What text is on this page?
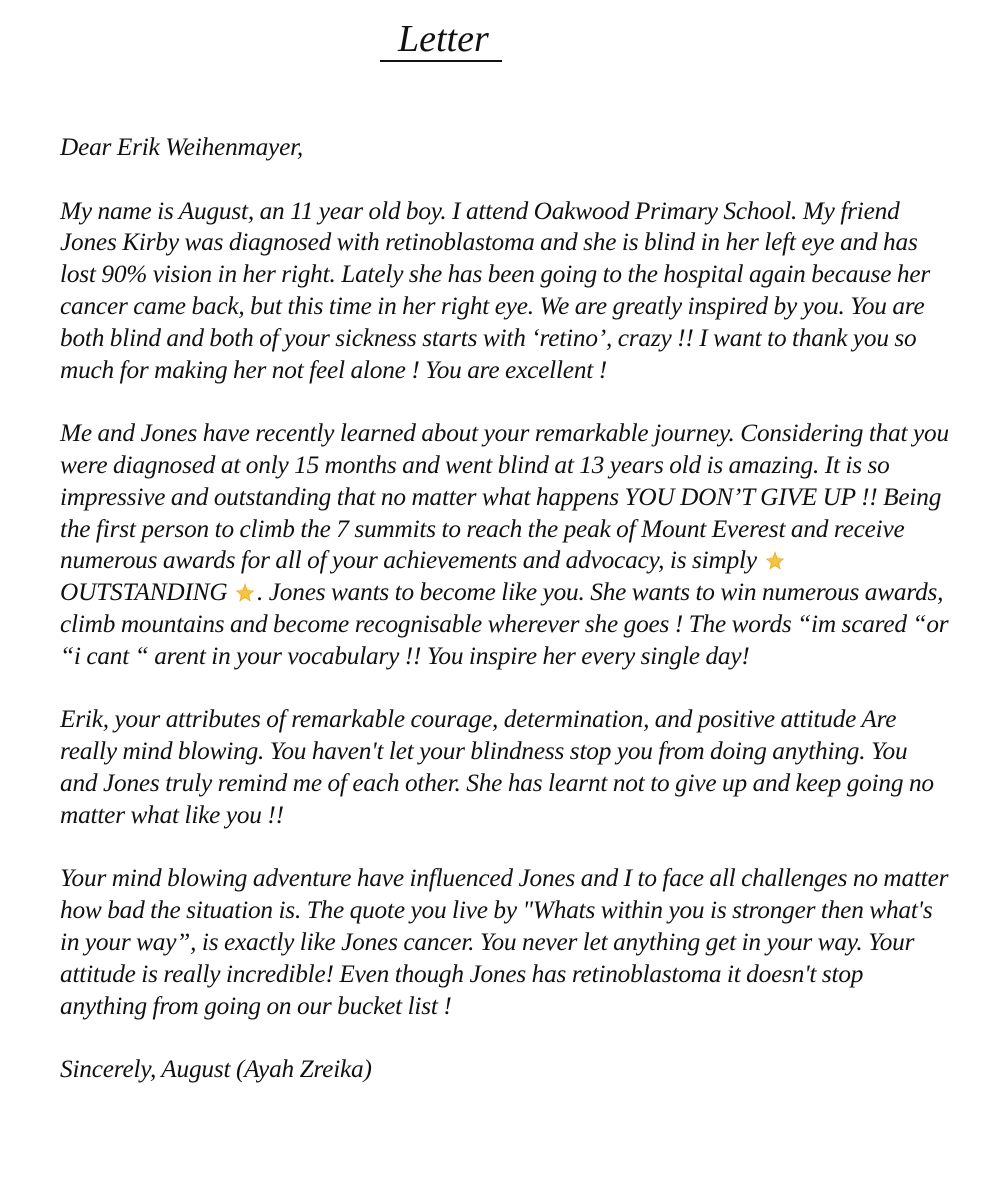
Letter

Dear Erik Weihenmayer,

My name is August, an 11 year old boy. I attend Oakwood Primary School. My friend Jones Kirby was diagnosed with retinoblastoma and she is blind in her left eye and has lost 90% vision in her right. Lately she has been going to the hospital again because her cancer came back, but this time in her right eye. We are greatly inspired by you. You are both blind and both of your sickness starts with ‘retino’, crazy !! I want to thank you so much for making her not feel alone ! You are excellent !

Me and Jones have recently learned about your remarkable journey. Considering that you were diagnosed at only 15 months and went blind at 13 years old is amazing. It is so impressive and outstanding that no matter what happens YOU DON’T GIVE UP !! Being the first person to climb the 7 summits to reach the peak of Mount Everest and receive numerous awards for all of your achievements and advocacy, is simply
OUTSTANDING . Jones wants to become like you. She wants to win numerous awards, climb mountains and become recognisable wherever she goes ! The words “im scared “or “i cant “ arent in your vocabulary !! You inspire her every single day!

Erik, your attributes of remarkable courage, determination, and positive attitude Are really mind blowing. You haven't let your blindness stop you from doing anything. You and Jones truly remind me of each other. She has learnt not to give up and keep going no matter what like you !!

Your mind blowing adventure have influenced Jones and I to face all challenges no matter how bad the situation is. The quote you live by "Whats within you is stronger then what's in your way”, is exactly like Jones cancer. You never let anything get in your way. Your attitude is really incredible! Even though Jones has retinoblastoma it doesn't stop anything from going on our bucket list !

Sincerely, August (Ayah Zreika)
